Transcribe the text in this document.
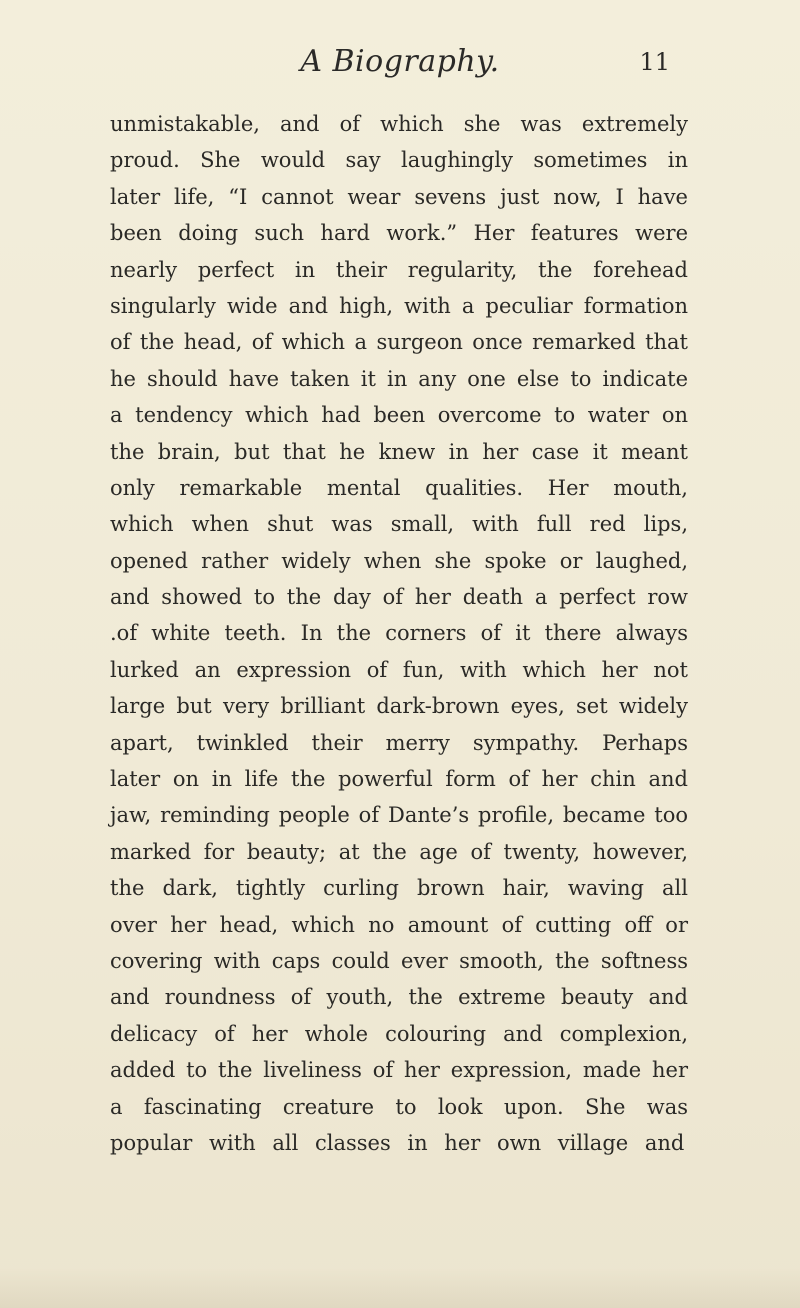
A Biography.	11
unmistakable, and of which she was extremely
proud. She would say laughingly sometimes in
later life, “I cannot wear sevens just now, I have
been doing such hard work.” Her features were
nearly perfect in their regularity, the forehead
singularly wide and high, with a peculiar formation
of the head, of which a surgeon once remarked that
he should have taken it in any one else to indicate
a tendency which had been overcome to water on
the brain, but that he knew in her case it meant
only remarkable mental qualities. Her mouth,
which when shut was small, with full red lips,
opened rather widely when she spoke or laughed,
and showed to the day of her death a perfect row
.of white teeth. In the corners of it there always
lurked an expression of fun, with which her not
large but very brilliant dark-brown eyes, set widely
apart, twinkled their merry sympathy. Perhaps
later on in life the powerful form of her chin and
jaw, reminding people of Dante’s profile, became too
marked for beauty; at the age of twenty, however,
the dark, tightly curling brown hair, waving all
over her head, which no amount of cutting off or
covering with caps could ever smooth, the softness
and roundness of youth, the extreme beauty and
delicacy of her whole colouring and complexion,
added to the liveliness of her expression, made her
a fascinating creature to look upon. She was
popular with all classes in her own village and
